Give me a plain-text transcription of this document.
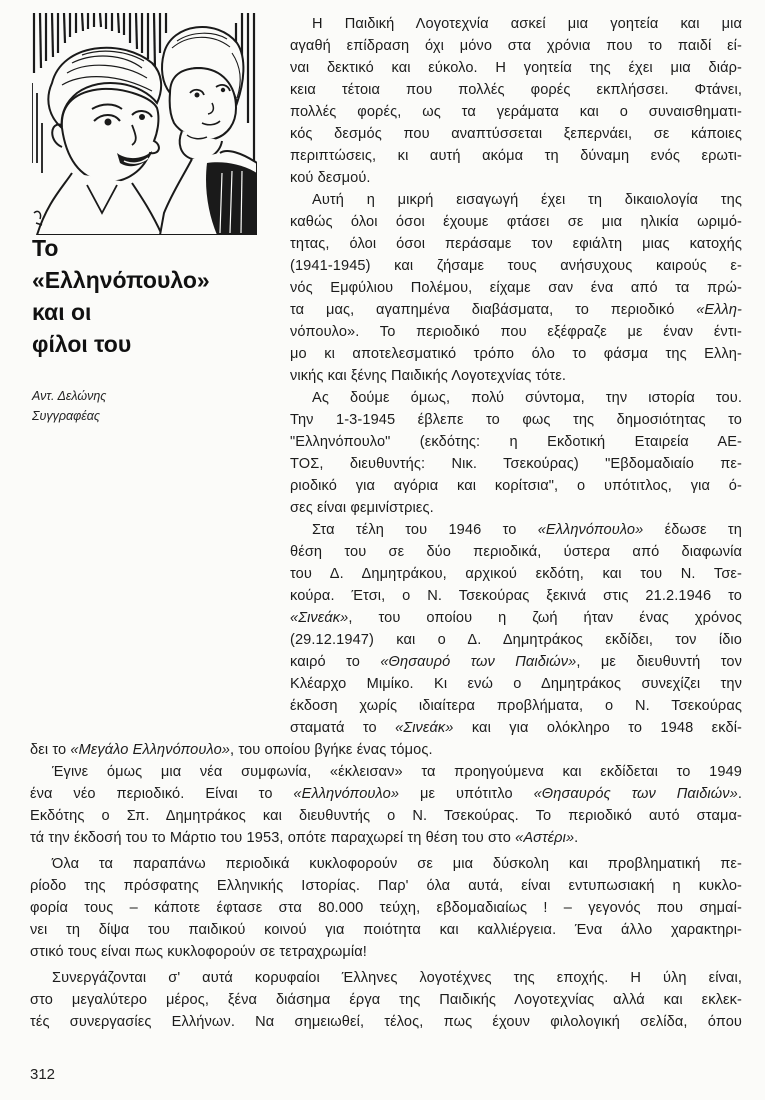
Το
«Ελληνόπουλο»
και οι
φίλοι του
Αντ. Δελώνης
Συγγραφέας
Η Παιδική Λογοτεχνία ασκεί μια γοητεία και μια
αγαθή επίδραση όχι μόνο στα χρόνια που το παιδί εί-
ναι δεκτικό και εύκολο. Η γοητεία της έχει μια διάρ-
κεια τέτοια που πολλές φορές εκπλήσσει. Φτάνει,
πολλές φορές, ως τα γεράματα και ο συναισθηματι-
κός δεσμός που αναπτύσσεται ξεπερνάει, σε κάποιες
περιπτώσεις, κι αυτή ακόμα τη δύναμη ενός ερωτι-
κού δεσμού.
Αυτή η μικρή εισαγωγή έχει τη δικαιολογία της
καθώς όλοι όσοι έχουμε φτάσει σε μια ηλικία ωριμό-
τητας, όλοι όσοι περάσαμε τον εφιάλτη μιας κατοχής
(1941-1945) και ζήσαμε τους ανήσυχους καιρούς ε-
νός Εμφύλιου Πολέμου, είχαμε σαν ένα από τα πρώ-
τα μας, αγαπημένα διαβάσματα, το περιοδικό «Ελλη-
νόπουλο». Το περιοδικό που εξέφραζε με έναν έντι-
μο κι αποτελεσματικό τρόπο όλο το φάσμα της Ελλη-
νικής και ξένης Παιδικής Λογοτεχνίας τότε.
Ας δούμε όμως, πολύ σύντομα, την ιστορία του.
Την 1-3-1945 έβλεπε το φως της δημοσιότητας το
"Ελληνόπουλο" (εκδότης: η Εκδοτική Εταιρεία ΑΕ-
ΤΟΣ, διευθυντής: Νικ. Τσεκούρας) "Εβδομαδιαίο πε-
ριοδικό για αγόρια και κορίτσια", ο υπότιτλος, για ό-
σες είναι φεμινίστριες.
Στα τέλη του 1946 το «Ελληνόπουλο» έδωσε τη
θέση του σε δύο περιοδικά, ύστερα από διαφωνία
του Δ. Δημητράκου, αρχικού εκδότη, και του Ν. Τσε-
κούρα. Έτσι, ο Ν. Τσεκούρας ξεκινά στις 21.2.1946 το
«Σινεάκ», του οποίου η ζωή ήταν ένας χρόνος
(29.12.1947) και ο Δ. Δημητράκος εκδίδει, τον ίδιο
καιρό το «Θησαυρό των Παιδιών», με διευθυντή τον
Κλέαρχο Μιμίκο. Κι ενώ ο Δημητράκος συνεχίζει την
έκδοση χωρίς ιδιαίτερα προβλήματα, ο Ν. Τσεκούρας
σταματά το «Σινεάκ» και για ολόκληρο το 1948 εκδί-
δει το «Μεγάλο Ελληνόπουλο», του οποίου βγήκε ένας τόμος.
Έγινε όμως μια νέα συμφωνία, «έκλεισαν» τα προηγούμενα και εκδίδεται το 1949
ένα νέο περιοδικό. Είναι το «Ελληνόπουλο» με υπότιτλο «Θησαυρός των Παιδιών».
Εκδότης ο Σπ. Δημητράκος και διευθυντής ο Ν. Τσεκούρας. Το περιοδικό αυτό σταμα-
τά την έκδοσή του το Μάρτιο του 1953, οπότε παραχωρεί τη θέση του στο «Αστέρι».
Όλα τα παραπάνω περιοδικά κυκλοφορούν σε μια δύσκολη και προβληματική πε-
ρίοδο της πρόσφατης Ελληνικής Ιστορίας. Παρ' όλα αυτά, είναι εντυπωσιακή η κυκλο-
φορία τους – κάποτε έφτασε στα 80.000 τεύχη, εβδομαδιαίως ! – γεγονός που σημαί-
νει τη δίψα του παιδικού κοινού για ποιότητα και καλλιέργεια. Ένα άλλο χαρακτηρι-
στικό τους είναι πως κυκλοφορούν σε τετραχρωμία!
Συνεργάζονται σ' αυτά κορυφαίοι Έλληνες λογοτέχνες της εποχής. Η ύλη είναι,
στο μεγαλύτερο μέρος, ξένα διάσημα έργα της Παιδικής Λογοτεχνίας αλλά και εκλεκ-
τές συνεργασίες Ελλήνων. Να σημειωθεί, τέλος, πως έχουν φιλολογική σελίδα, όπου
312
